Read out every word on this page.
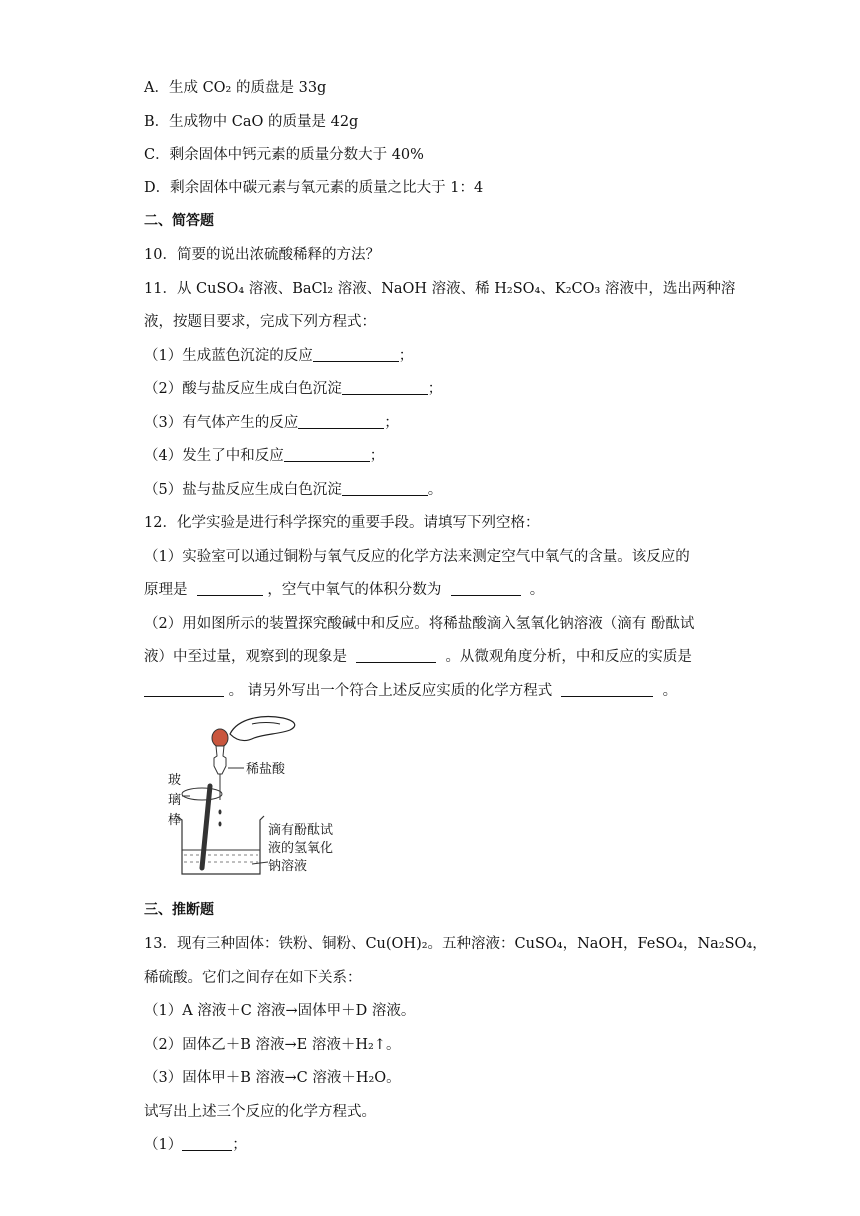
A．生成 CO₂ 的质盘是 33g
B．生成物中 CaO 的质量是 42g
C．剩余固体中钙元素的质量分数大于 40%
D．剩余固体中碳元素与氧元素的质量之比大于 1：4
二、简答题
10．简要的说出浓硫酸稀释的方法？
11．从 CuSO₄ 溶液、BaCl₂ 溶液、NaOH 溶液、稀 H₂SO₄、K₂CO₃ 溶液中，选出两种溶
液，按题目要求，完成下列方程式：
（1）生成蓝色沉淀的反应	；
（2）酸与盐反应生成白色沉淀	；
（3）有气体产生的反应	；
（4）发生了中和反应	；
（5）盐与盐反应生成白色沉淀	。
12．化学实验是进行科学探究的重要手段。请填写下列空格：
（1）实验室可以通过铜粉与氧气反应的化学方法来测定空气中氧气的含量。该反应的
原理是	，空气中氧气的体积分数为	。
（2）用如图所示的装置探究酸碱中和反应。将稀盐酸滴入氢氧化钠溶液（滴有 酚酞试
液）中至过量，观察到的现象是	。从微观角度分析，中和反应的实质是
。 请另外写出一个符合上述反应实质的化学方程式	。
稀盐酸
玻
璃
棒
滴有酚酞试
液的氢氧化
钠溶液
三、推断题
13．现有三种固体：铁粉、铜粉、Cu(OH)₂。五种溶液：CuSO₄，NaOH，FeSO₄，Na₂SO₄，
稀硫酸。它们之间存在如下关系：
（1）A 溶液＋C 溶液→固体甲＋D 溶液。
（2）固体乙＋B 溶液→E 溶液＋H₂↑。
（3）固体甲＋B 溶液→C 溶液＋H₂O。
试写出上述三个反应的化学方程式。
（1）	；
